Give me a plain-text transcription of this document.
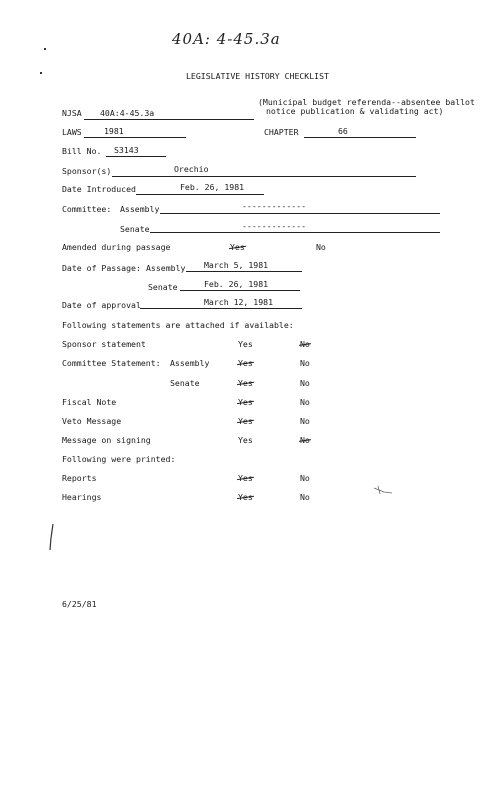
40A: 4-45.3a
LEGISLATIVE HISTORY CHECKLIST
NJSA 40A:4-45.3a
(Municipal budget referenda--absentee ballot
notice publication & validating act)
LAWS	1981	CHAPTER	66
Bill No. S3143
Sponsor(s)	Orechio
Date Introduced	Feb. 26, 1981
Committee: Assembly	-------------
Senate	-------------
Amended during passage	Yes	No
Date of Passage: Assembly March 5, 1981
Senate	Feb. 26, 1981
Date of approval	March 12, 1981
Following statements are attached if available:
Sponsor statement	Yes	No
Committee Statement: Assembly	Yes	No
Senate	Yes	No
Fiscal Note	Yes	No
Veto Message	Yes	No
Message on signing	Yes	No
Following were printed:
Reports	Yes	No
Hearings	Yes	No
6/25/81
